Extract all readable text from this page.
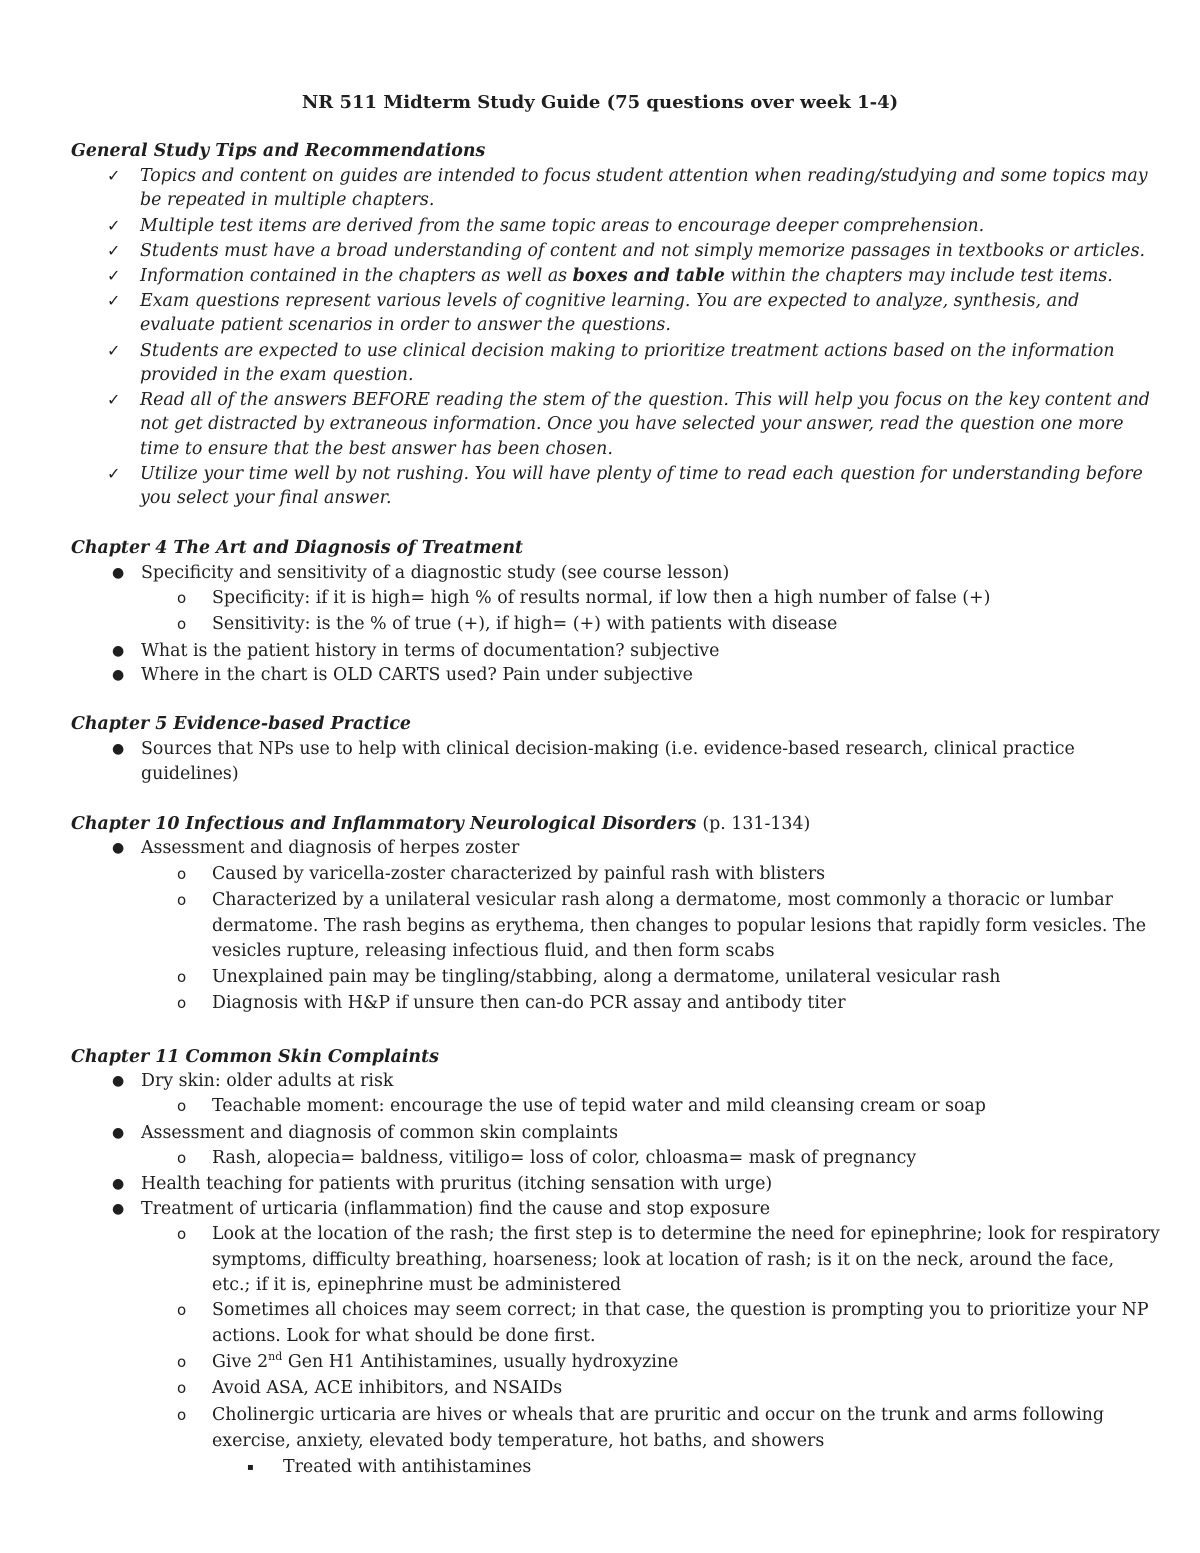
NR 511 Midterm Study Guide (75 questions over week 1-4)
General Study Tips and Recommendations
✓ Topics and content on guides are intended to focus student attention when reading/studying and some topics may
be repeated in multiple chapters.
✓ Multiple test items are derived from the same topic areas to encourage deeper comprehension.
✓ Students must have a broad understanding of content and not simply memorize passages in textbooks or articles.
✓ Information contained in the chapters as well as boxes and table within the chapters may include test items.
✓ Exam questions represent various levels of cognitive learning. You are expected to analyze, synthesis, and
evaluate patient scenarios in order to answer the questions.
✓ Students are expected to use clinical decision making to prioritize treatment actions based on the information
provided in the exam question.
✓ Read all of the answers BEFORE reading the stem of the question. This will help you focus on the key content and
not get distracted by extraneous information. Once you have selected your answer, read the question one more
time to ensure that the best answer has been chosen.
✓ Utilize your time well by not rushing. You will have plenty of time to read each question for understanding before
you select your final answer.
Chapter 4 The Art and Diagnosis of Treatment
● Specificity and sensitivity of a diagnostic study (see course lesson)
o Specificity: if it is high= high % of results normal, if low then a high number of false (+)
o Sensitivity: is the % of true (+), if high= (+) with patients with disease
● What is the patient history in terms of documentation? subjective
● Where in the chart is OLD CARTS used? Pain under subjective
Chapter 5 Evidence-based Practice
● Sources that NPs use to help with clinical decision-making (i.e. evidence-based research, clinical practice
guidelines)
Chapter 10 Infectious and Inflammatory Neurological Disorders (p. 131-134)
● Assessment and diagnosis of herpes zoster
o Caused by varicella-zoster characterized by painful rash with blisters
o Characterized by a unilateral vesicular rash along a dermatome, most commonly a thoracic or lumbar
dermatome. The rash begins as erythema, then changes to popular lesions that rapidly form vesicles. The
vesicles rupture, releasing infectious fluid, and then form scabs
o Unexplained pain may be tingling/stabbing, along a dermatome, unilateral vesicular rash
o Diagnosis with H&P if unsure then can-do PCR assay and antibody titer
Chapter 11 Common Skin Complaints
● Dry skin: older adults at risk
o Teachable moment: encourage the use of tepid water and mild cleansing cream or soap
● Assessment and diagnosis of common skin complaints
o Rash, alopecia= baldness, vitiligo= loss of color, chloasma= mask of pregnancy
● Health teaching for patients with pruritus (itching sensation with urge)
● Treatment of urticaria (inflammation) find the cause and stop exposure
o Look at the location of the rash; the first step is to determine the need for epinephrine; look for respiratory
symptoms, difficulty breathing, hoarseness; look at location of rash; is it on the neck, around the face,
etc.; if it is, epinephrine must be administered
o Sometimes all choices may seem correct; in that case, the question is prompting you to prioritize your NP
actions. Look for what should be done first.
o Give 2nd Gen H1 Antihistamines, usually hydroxyzine
o Avoid ASA, ACE inhibitors, and NSAIDs
o Cholinergic urticaria are hives or wheals that are pruritic and occur on the trunk and arms following
exercise, anxiety, elevated body temperature, hot baths, and showers
▪ Treated with antihistamines
